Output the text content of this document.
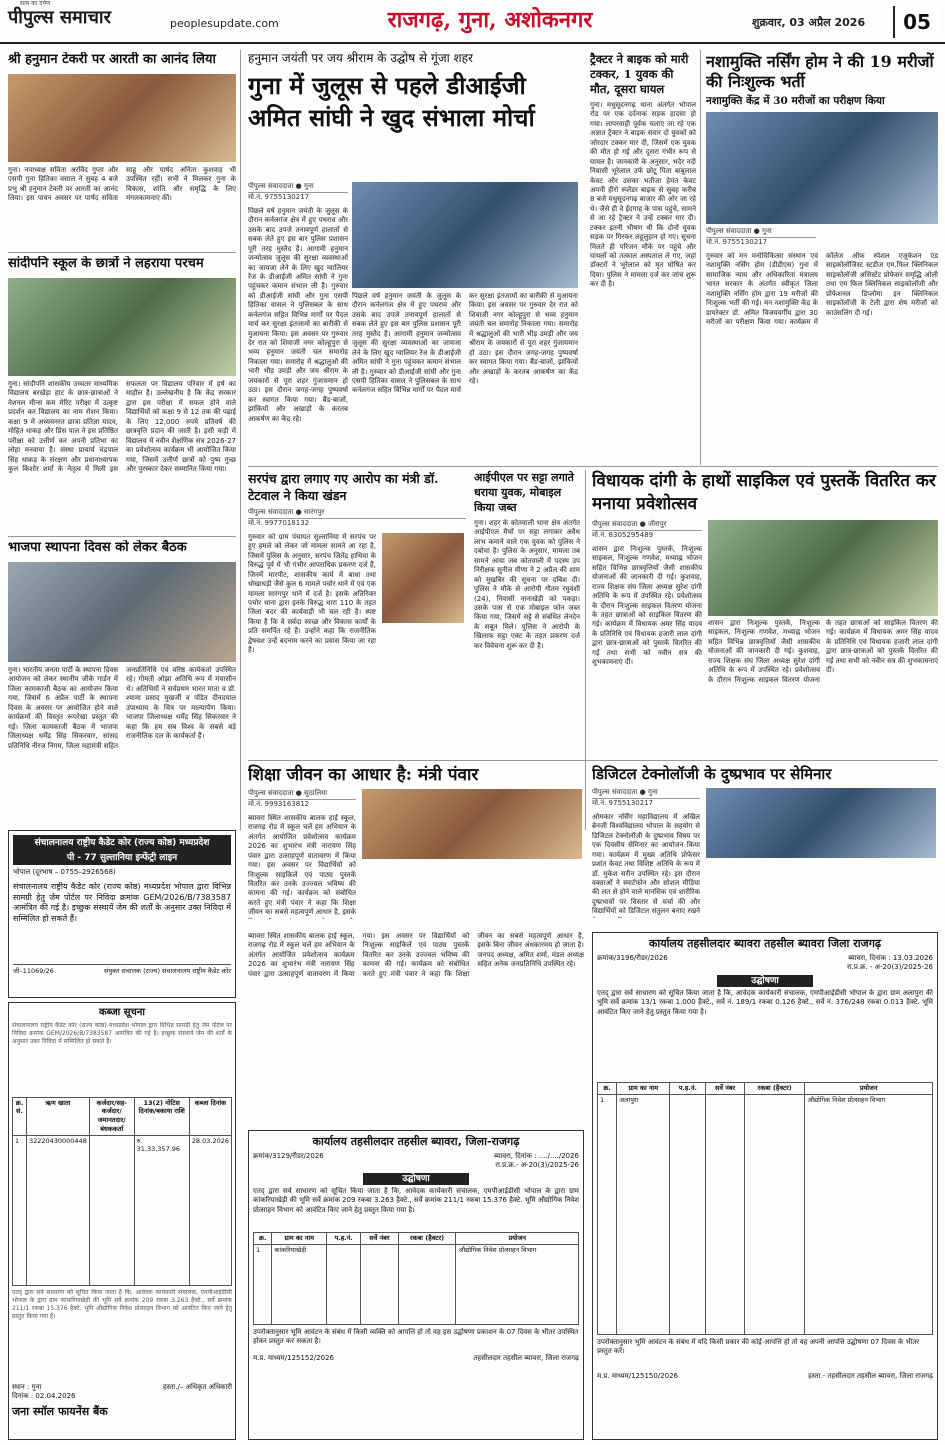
सत्य का दर्पण
पीपुल्स समाचार	peoplesupdate.com	राजगढ़, गुना, अशोकनगर	शुक्रवार, 03 अप्रैल 2026	05
श्री हनुमान टेकरी पर आरती का आनंद लिया
गुना। नपाध्यक्ष सविता अरविंद गुप्ता और एसपी गुना हितिका वसाल ने सुबह 4 बजे प्रभु श्री हनुमान टेकरी पर आरती का आनंद लिया। इस पावन अवसर पर पार्षद सविता साहू और पार्षद अनिता कुशवाह भी उपस्थित रहीं। सभी ने मिलकर गुना के विकास, शांति और समृद्धि के लिए मंगलकामनाएं कीं।
सांदीपनि स्कूल के छात्रों ने लहराया परचम
गुना। सांदीपनि शासकीय उच्चतर माध्यमिक विद्यालय बरखेड़ा हाट के छात्र-छात्राओं ने नेशनल मीन्स कम मेरिट परीक्षा में उत्कृष्ट प्रदर्शन कर विद्यालय का नाम रोशन किया। कक्षा 9 में अध्ययनरत छात्रा प्रतिज्ञा यादव, मोहित धाकड़ और प्रिंस पाल ने इस प्रतिष्ठित परीक्षा को उत्तीर्ण कर अपनी प्रतिभा का लोहा मनवाया है। संस्था प्राचार्य चंद्रपाल सिंह धाकड़ के संरक्षण और प्रधानाध्यापक कुल किशोर शर्मा के नेतृत्व में मिली इस सफलता पर विद्यालय परिवार में हर्ष का माहौल है। उल्लेखनीय है कि केंद्र सरकार द्वारा इस परीक्षा में सफल होने वाले विद्यार्थियों को कक्षा 9 से 12 तक की पढ़ाई के लिए 12,000 रुपये प्रतिवर्ष की छात्रवृत्ति प्रदान की जाती है। इसी कड़ी में विद्यालय में नवीन शैक्षणिक सत्र 2026-27 का प्रवेशोत्सव कार्यक्रम भी आयोजित किया गया, जिसमें उत्तीर्ण छात्रों को पुष्प गुच्छ और पुरस्कार देकर सम्मानित किया गया।
भाजपा स्थापना दिवस को लेकर बैठक
गुना। भारतीय जनता पार्टी के स्थापना दिवस आयोजन को लेकर स्थानीय जीके गार्डन में जिला कामकाजी बैठक का आयोजन किया गया, जिसमें 6 अप्रैल पार्टी के स्थापना दिवस के अवसर पर आयोजित होने वाले कार्यक्रमों की विस्तृत रूपरेखा प्रस्तुत की गई। जिला कामकाजी बैठक में भाजपा जिलाध्यक्ष धर्मेंद्र सिंह सिकरवार, सांसद प्रतिनिधि नीरज निगम, जिला महामंत्री सहित जनप्रतिनिधि एवं वरिष्ठ कार्यकर्ता उपस्थित रहे। गोमती ओझा अतिथि रूप में मंचासीन थे। अतिथियों ने सर्वप्रथम भारत माता व डॉ. श्यामा प्रसाद मुखर्जी व पंडित दीनदयाल उपाध्याय के चित्र पर माल्यार्पण किया। भाजपा जिलाध्यक्ष धर्मेंद्र सिंह सिकरवार ने कहा कि हम सब विश्व के सबसे बड़े राजनीतिक दल के कार्यकर्ता हैं।
हनुमान जयंती पर जय श्रीराम के उद्घोष से गूंजा शहर
गुना में जुलूस से पहले डीआईजी अमित सांघी ने खुद संभाला मोर्चा
पीपुल्स संवाददाता ● गुना
मो.नं. 9755130217
पिछले वर्ष हनुमान जयंती के जुलूस के दौरान कर्नलगंज क्षेत्र में हुए पथराव और उसके बाद उपजे तनावपूर्ण हालातों से सबक लेते हुए इस बार पुलिस प्रशासन पूरी तरह मुस्तैद है। आगामी हनुमान जन्मोत्सव जुलूस की सुरक्षा व्यवस्थाओं का जायजा लेने के लिए खुद ग्वालियर रेंज के डीआईजी अमित सांघी ने गुना पहुंचकर कमान संभाल ली है। गुरुवार को डीआईजी सांघी और गुना एसपी हितिका वासल ने पुलिसबल के साथ कर्नलगंज सहित विभिन्न मार्गों पर पैदल मार्च कर सुरक्षा इंतजामों का बारीकी से मुआयना किया। इस अवसर पर गुरुवार देर रात को शिवाजी नगर कोल्हूपुरा से भव्य हनुमान जयंती चल समारोह निकाला गया। समारोह में श्रद्धालुओं की भारी भीड़ उमड़ी और जय श्रीराम के जयकारों से पूरा शहर गुंजायमान हो उठा। इस दौरान जगह-जगह पुष्पवर्षा कर स्वागत किया गया। बैंड-बाजों, झांकियों और अखाड़ों के करतब आकर्षण का केंद्र रहे।
पिछले वर्ष हनुमान जयंती के जुलूस के दौरान कर्नलगंज क्षेत्र में हुए पथराव और उसके बाद उपजे तनावपूर्ण हालातों से सबक लेते हुए इस बार पुलिस प्रशासन पूरी तरह मुस्तैद है। आगामी हनुमान जन्मोत्सव जुलूस की सुरक्षा व्यवस्थाओं का जायजा लेने के लिए खुद ग्वालियर रेंज के डीआईजी अमित सांघी ने गुना पहुंचकर कमान संभाल ली है। गुरुवार को डीआईजी सांघी और गुना एसपी हितिका वासल ने पुलिसबल के साथ कर्नलगंज सहित विभिन्न मार्गों पर पैदल मार्च कर सुरक्षा इंतजामों का बारीकी से मुआयना किया। इस अवसर पर गुरुवार देर रात को शिवाजी नगर कोल्हूपुरा से भव्य हनुमान जयंती चल समारोह निकाला गया। समारोह में श्रद्धालुओं की भारी भीड़ उमड़ी और जय श्रीराम के जयकारों से पूरा शहर गुंजायमान हो उठा। इस दौरान जगह-जगह पुष्पवर्षा कर स्वागत किया गया। बैंड-बाजों, झांकियों और अखाड़ों के करतब आकर्षण का केंद्र रहे।
ट्रैक्टर ने बाइक को मारी टक्कर, 1 युवक की मौत, दूसरा घायल
गुना। मधुसूदनगढ़ थाना अंतर्गत भोपाल रोड पर एक दर्दनाक सड़क हादसा हो गया। लापरवाही पूर्वक चलाए जा रहे एक अज्ञात ट्रैक्टर ने बाइक सवार दो युवकों को जोरदार टक्कर मार दी, जिसमें एक युवक की मौत हो गई और दूसरा गंभीर रूप से घायल है। जानकारी के अनुसार, भदेर नदी निवासी भूरेलाल उर्फ छोटू पिता बाबूलाल केवट और उसका भतीजा हेमंत केवट अपनी हीरो स्प्लेंडर बाइक से सुबह करीब 8 बजे मधुसूदनगढ़ बाजार की ओर जा रहे थे। जैसे ही वे ईदगाह के पास पहुंचे, सामने से आ रहे ट्रैक्टर ने उन्हें टक्कर मार दी। टक्कर इतनी भीषण थी कि दोनों युवक सड़क पर गिरकर लहूलुहान हो गए। सूचना मिलते ही परिजन मौके पर पहुंचे और घायलों को तत्काल अस्पताल ले गए, जहां डॉक्टरों ने भूरेलाल को मृत घोषित कर दिया। पुलिस ने मामला दर्ज कर जांच शुरू कर दी है।
नशामुक्ति नर्सिंग होम ने की 19 मरीजों की निःशुल्क भर्ती
नशामुक्ति केंद्र में 30 मरीजों का परीक्षण किया
पीपुल्स संवाददाता ● गुना
मो.नं. 9755130217
गुरुवार को मन मनोचिकित्सा संस्थान एवं नशामुक्ति नर्सिंग होम (डीडीएस) गुना में सामाजिक न्याय और अधिकारिता मंत्रालय भारत सरकार के अंतर्गत स्वीकृत जिला नशामुक्ति नर्सिंग होम द्वारा 19 मरीजों की निःशुल्क भर्ती की गई। मन नशामुक्ति केंद्र के डायरेक्टर डॉ. अमित विजयवर्गीय द्वारा 30 मरीजों का परीक्षण किया गया। कार्यक्रम में कॉलेज ऑफ स्पेशल एजुकेशन एंड साइकोलॉजिस्ट स्टडीज एम.फिल क्लिनिकल साइकोलॉजी असिस्टेंट प्रोफेसर समृद्धि ओली तथा एम फिल क्लिनिकल साइकोलॉजी और प्रोफेशनल डिप्लोमा इन क्लिनिकल साइकोलॉजी के टेली द्वारा शेष मरीजों को काउंसलिंग दी गई।
सरपंच द्वारा लगाए गए आरोप का मंत्री डॉ. टेटवाल ने किया खंडन
पीपुल्स संवाददाता ● सारंगपुर
मो.नं. 9977018132
गुरुवार को ग्राम पंचायत सुल्तानिया में सरपंच पर हुए हमले को लेकर जो मामला सामने आ रहा है, जिसमें पुलिस के अनुसार, सरपंच जितेंद्र हाथिया के विरुद्ध पूर्व में भी गंभीर आपराधिक प्रकरण दर्ज हैं, जिनमें मारपीट, शासकीय कार्य में बाधा तथा धोखाधड़ी जैसे कुल 6 मामले पचोर थाने में एवं एक मामला सारंगपुर थाने में दर्ज है। इसके अतिरिक्त पचोर थाना द्वारा इनके विरुद्ध धारा 110 के तहत जिला बदर की कार्यवाही भी चल रही है। स्पष्ट किया है कि वे सर्वदा स्वच्छ और विकास कार्यों के प्रति समर्पित रहे हैं। उन्होंने कहा कि राजनीतिक द्वेषवश उन्हें बदनाम करने का प्रयास किया जा रहा है।
आईपीएल पर सट्टा लगाते धराया युवक, मोबाइल किया जब्त
गुना। शहर के कोतवाली थाना क्षेत्र अंतर्गत आईपीएल मैचों पर सट्टा लगाकर अवैध लाभ कमाने वाले एक युवक को पुलिस ने दबोचा है। पुलिस के अनुसार, मामला तब सामने आया जब कोतवाली में पदस्थ उप निरीक्षक सुनील मीणा ने 2 अप्रैल की शाम को मुखबिर की सूचना पर दबिश दी। पुलिस ने मौके से आरोपी गौतम रघुवंशी (24), निवासी नानाखेड़ी को पकड़ा। उसके पास से एक मोबाइल फोन जब्त किया गया, जिसमें सट्टे से संबंधित लेनदेन के सबूत मिले। पुलिस ने आरोपी के खिलाफ सट्टा एक्ट के तहत प्रकरण दर्ज कर विवेचना शुरू कर दी है।
विधायक दांगी के हाथों साइकिल एवं पुस्तकें वितरित कर मनाया प्रवेशोत्सव
पीपुल्स संवाददाता ● जीरापुर
मो.नं. 8305295489
शासन द्वारा निःशुल्क पुस्तकें, निःशुल्क साइकल, निःशुल्क गणवेश, मध्याह्न भोजन सहित विभिन्न छात्रवृत्तियों जैसी शासकीय योजनाओं की जानकारी दी गई। कुशवाह, राज्य शिक्षक संघ जिला अध्यक्ष सुरेश दांगी अतिथि के रूप में उपस्थित रहे। प्रवेशोत्सव के दौरान निःशुल्क साइकल वितरण योजना के तहत छात्राओं को साइकिल वितरण की गई। कार्यक्रम में विधायक अमर सिंह यादव के प्रतिनिधि एवं विधायक हजारी लाल दांगी द्वारा छात्र-छात्राओं को पुस्तकें वितरित की गईं तथा सभी को नवीन सत्र की शुभकामनाएं दीं।
शासन द्वारा निःशुल्क पुस्तकें, निःशुल्क साइकल, निःशुल्क गणवेश, मध्याह्न भोजन सहित विभिन्न छात्रवृत्तियों जैसी शासकीय योजनाओं की जानकारी दी गई। कुशवाह, राज्य शिक्षक संघ जिला अध्यक्ष सुरेश दांगी अतिथि के रूप में उपस्थित रहे। प्रवेशोत्सव के दौरान निःशुल्क साइकल वितरण योजना के तहत छात्राओं को साइकिल वितरण की गई। कार्यक्रम में विधायक अमर सिंह यादव के प्रतिनिधि एवं विधायक हजारी लाल दांगी द्वारा छात्र-छात्राओं को पुस्तकें वितरित की गईं तथा सभी को नवीन सत्र की शुभकामनाएं दीं।
शिक्षा जीवन का आधार है: मंत्री पंवार
पीपुल्स संवाददाता ● सुठालिया
मो.नं. 9993163812
ब्यावरा स्थित शासकीय बालक हाई स्कूल, राजगढ़ रोड में स्कूल चलें हम अभियान के अंतर्गत आयोजित प्रवेशोत्सव कार्यक्रम 2026 का शुभारंभ मंत्री नारायण सिंह पंवार द्वारा उत्साहपूर्ण वातावरण में किया गया। इस अवसर पर विद्यार्थियों को निःशुल्क साइकिलें एवं पाठ्य पुस्तकें वितरित कर उनके उज्ज्वल भविष्य की कामना की गई। कार्यक्रम को संबोधित करते हुए मंत्री पंवार ने कहा कि शिक्षा जीवन का सबसे महत्वपूर्ण आधार है, इसके
डिजिटल टेक्नोलॉजी के दुष्प्रभाव पर सेमिनार
पीपुल्स संवाददाता ● गुना
मो.नं. 9755130217
ओमकार नर्सिंग महाविद्यालय में अखिल ब्रेनजी विश्वविद्यालय भोपाल के सहयोग से डिजिटल टेक्नोलॉजी के दुष्प्रभाव विषय पर एक दिवसीय सेमिनार का आयोजन किया गया। कार्यक्रम में मुख्य अतिथि प्रोफेसर प्रशांत केवट तथा विशिष्ट अतिथि के रूप में डॉ. मुकेश सरीन उपस्थित रहे। इस दौरान वक्ताओं ने स्मार्टफोन और सोशल मीडिया की लत से होने वाले मानसिक एवं शारीरिक दुष्प्रभावों पर विस्तार से चर्चा की और विद्यार्थियों को डिजिटल संतुलन बनाए रखने
संचालनालय राष्ट्रीय कैडेट कोर (राज्य कोष्ठ) मध्यप्रदेश
पी - 77 सुल्तानिया इन्फेंट्री लाइन
भोपाल (दूरभाष – 0755–2926568)
संचालनालय राष्ट्रीय कैडेट कोर (राज्य कोष्ठ) मध्यप्रदेश भोपाल द्वारा विभिन्न सामग्री हेतु जेम पोर्टल पर निविदा क्रमांक GEM/2026/B/7383587 आमंत्रित की गई है। इच्छुक संस्थायें जेम की शर्तों के अनुसार उक्त निविदा में सम्मिलित हो सकते हैं।
जी–11069/26	संयुक्त संचालक (राज्य) संचालनालय राष्ट्रीय कैडेट कोर
कब्जा सूचना
संचालनालय राष्ट्रीय कैडेट कोर (राज्य कोष्ठ) मध्यप्रदेश भोपाल द्वारा विभिन्न सामग्री हेतु जेम पोर्टल पर निविदा क्रमांक GEM/2026/B/7383587 आमंत्रित की गई है। इच्छुक संस्थायें जेम की शर्तों के अनुसार उक्त निविदा में सम्मिलित हो सकते हैं।
क्र. सं.	ऋण खाता	कर्जदार/सह-कर्जदार/जमानतदार/बंधककर्ता	13(2) नोटिस दिनांक/बकाया राशि	कब्जा दिनांक
1	32220430000448		रु. 31,33,357.96	28.03.2026
एतद् द्वारा सर्व साधारण को सूचित किया जाता है कि, आवेदक कार्यकारी संचालक, एमपीआईडीसी भोपाल के द्वारा ग्राम कांकरियाखेड़ी की भूमि सर्वे क्रमांक 209 रकबा 3.263 हैक्टे., सर्वे क्रमांक 211/1 रकबा 15.376 हैक्टे. भूमि औद्योगिक निवेश प्रोत्साहन विभाग को आवंटित किए जाने हेतु प्रस्तुत किया गया है।
स्थान : गुना
दिनांक : 02.04.2026
हस्ता./– अधिकृत अधिकारी
जना स्मॉल फायनेंस बैंक
कार्यालय तहसीलदार तहसील ब्यावरा, जिला-राजगढ़
क्रमांक/3129/रीडर/2026	ब्यावरा, दिनांक : ..../..../2026
रा.प्र.क्र.- अ-20(3)/2025-26
उद्घोषणा
एतद् द्वारा सर्व साधारण को सूचित किया जाता है कि, आवेदक कार्यकारी संचालक, एमपीआईडीसी भोपाल के द्वारा ग्राम कांकरियाखेड़ी की भूमि सर्वे क्रमांक 209 रकबा 3.263 हैक्टे., सर्वे क्रमांक 211/1 रकबा 15.376 हैक्टे. भूमि औद्योगिक निवेश प्रोत्साहन विभाग को आवंटित किए जाने हेतु प्रस्तुत किया गया है।
क्र.	ग्राम का नाम	प.ह.नं.	सर्वे नंबर	रकबा (हैक्टर)	प्रयोजन
1	कांकरियाखेड़ी				औद्योगिक निवेश प्रोत्साहन विभाग
उपरोक्तानुसार भूमि आवंटन के संबंध में किसी व्यक्ति को आपत्ति हो तो वह इस उद्घोषणा प्रकाशन के 07 दिवस के भीतर उपस्थित होकर प्रस्तुत कर सकता है।
म.प्र. माध्यम/125152/2026	तहसीलदार तहसील ब्यावरा, जिला राजगढ़
कार्यालय तहसीलदार ब्यावरा तहसील ब्यावरा जिला राजगढ़
क्रमांक/3196/रीडर/2026	ब्यावरा, दिनांक : 13.03.2026
रा.प्र.क्र. - अ-20(3)/2025-26
उद्घोषणा
एतद् द्वारा सर्व साधारण को सूचित किया जाता है कि, आवेदक कार्यकारी संचालक, एमपीआईडीसी भोपाल के द्वारा ग्राम अलापुरा की भूमि सर्वे क्रमांक 13/1 रकबा 1.000 हैक्टे., सर्वे नं. 189/1 रकबा 0.126 हैक्टे., सर्वे नं. 376/248 रकबा 0.013 हैक्टे. भूमि आवंटित किए जाने हेतु प्रस्तुत किया गया है।
क्र.	ग्राम का नाम	प.ह.नं.	सर्वे नंबर	रकबा (हैक्टर)	प्रयोजन
1	अलापुरा				औद्योगिक निवेश प्रोत्साहन विभाग
उपरोक्तानुसार भूमि आवंटन के संबंध में यदि किसी प्रकार की कोई आपत्ति हो तो वह अपनी आपत्ति उद्घोषणा 07 दिवस के भीतर प्रस्तुत करें।
म.प्र. माध्यम/125150/2026	हस्ता.- तहसीलदार तहसील ब्यावरा, जिला राजगढ़
ब्यावरा स्थित शासकीय बालक हाई स्कूल, राजगढ़ रोड में स्कूल चलें हम अभियान के अंतर्गत आयोजित प्रवेशोत्सव कार्यक्रम 2026 का शुभारंभ मंत्री नारायण सिंह पंवार द्वारा उत्साहपूर्ण वातावरण में किया गया। इस अवसर पर विद्यार्थियों को निःशुल्क साइकिलें एवं पाठ्य पुस्तकें वितरित कर उनके उज्ज्वल भविष्य की कामना की गई। कार्यक्रम को संबोधित करते हुए मंत्री पंवार ने कहा कि शिक्षा जीवन का सबसे महत्वपूर्ण आधार है, इसके बिना जीवन अंधकारमय हो जाता है। जनपद अध्यक्ष, अमित शर्मा, मंडल अध्यक्ष सहित अनेक जनप्रतिनिधि उपस्थित रहे।
